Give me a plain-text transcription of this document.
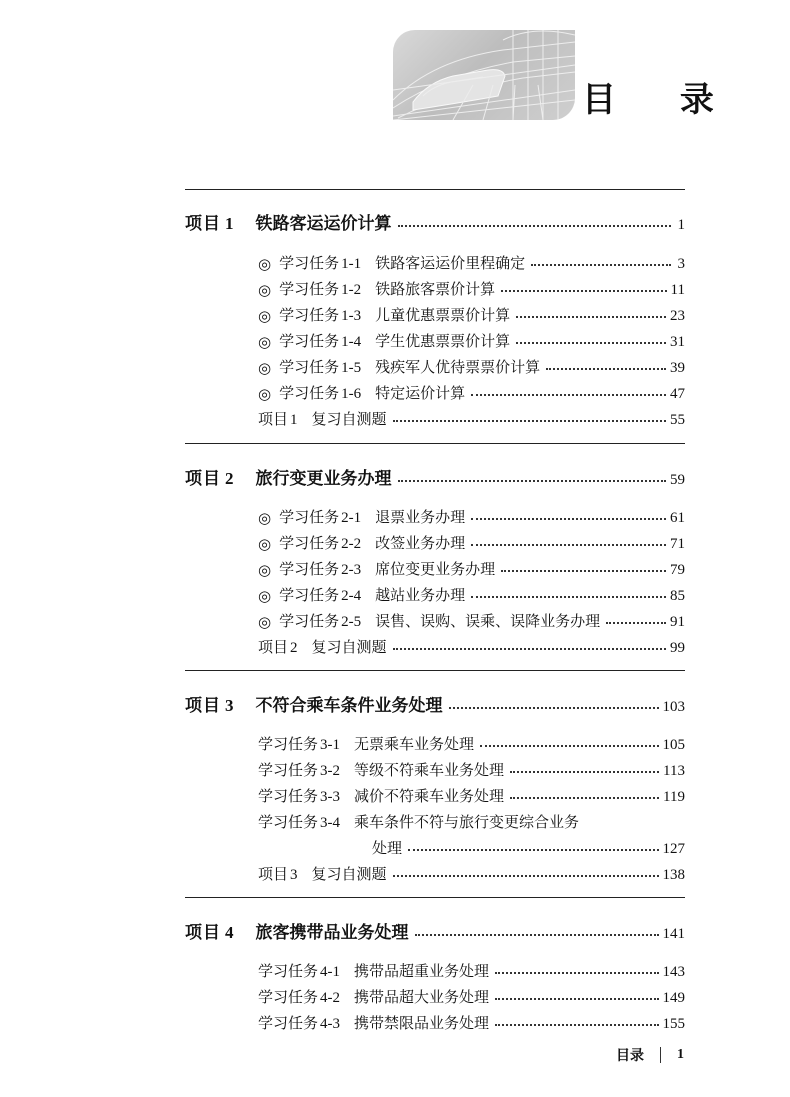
目 录
项目 1 铁路客运运价计算	1
◎ 学习任务 1-1 铁路客运运价里程确定	3
◎ 学习任务 1-2 铁路旅客票价计算	11
◎ 学习任务 1-3 儿童优惠票票价计算	23
◎ 学习任务 1-4 学生优惠票票价计算	31
◎ 学习任务 1-5 残疾军人优待票票价计算	39
◎ 学习任务 1-6 特定运价计算	47
项目 1 复习自测题	55
项目 2 旅行变更业务办理	59
◎ 学习任务 2-1 退票业务办理	61
◎ 学习任务 2-2 改签业务办理	71
◎ 学习任务 2-3 席位变更业务办理	79
◎ 学习任务 2-4 越站业务办理	85
◎ 学习任务 2-5 误售、误购、误乘、误降业务办理	91
项目 2 复习自测题	99
项目 3 不符合乘车条件业务处理	103
学习任务 3-1 无票乘车业务处理	105
学习任务 3-2 等级不符乘车业务处理	113
学习任务 3-3 减价不符乘车业务处理	119
学习任务 3-4 乘车条件不符与旅行变更综合业务
处理	127
项目 3 复习自测题	138
项目 4 旅客携带品业务处理	141
学习任务 4-1 携带品超重业务处理	143
学习任务 4-2 携带品超大业务处理	149
学习任务 4-3 携带禁限品业务处理	155
目录 1
